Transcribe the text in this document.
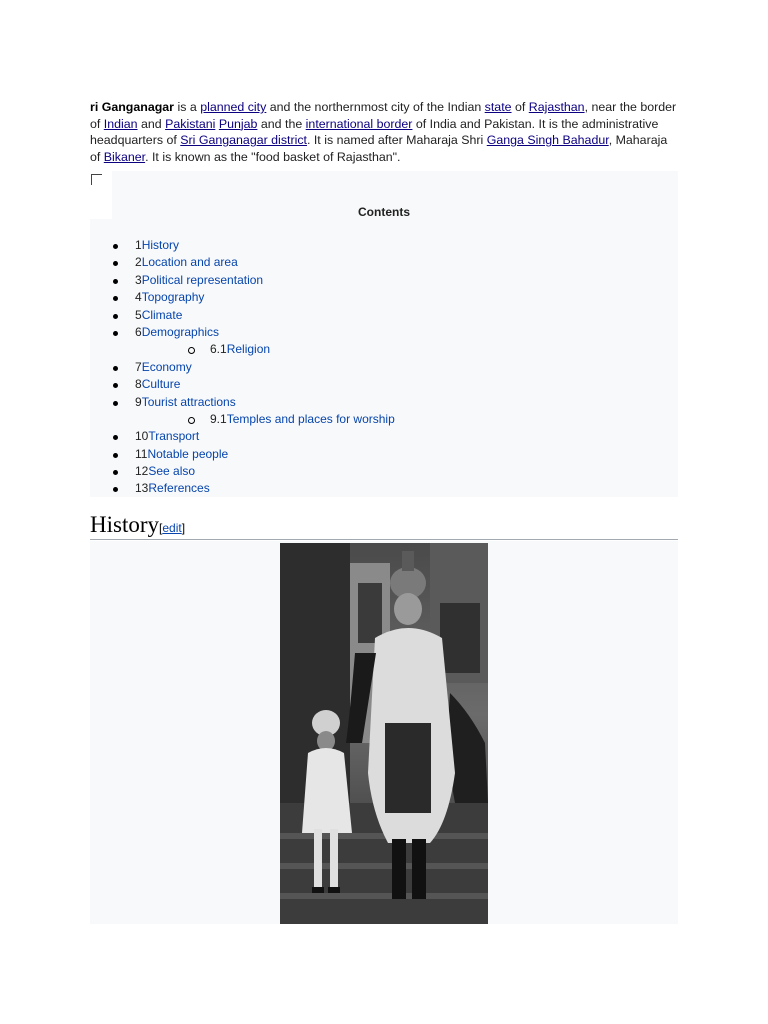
ri Ganganagar is a planned city and the northernmost city of the Indian state of Rajasthan, near the border of Indian and Pakistani Punjab and the international border of India and Pakistan. It is the administrative headquarters of Sri Ganganagar district. It is named after Maharaja Shri Ganga Singh Bahadur, Maharaja of Bikaner. It is known as the "food basket of Rajasthan".

Contents
1History
2Location and area
3Political representation
4Topography
5Climate
6Demographics
6.1Religion
7Economy
8Culture
9Tourist attractions
9.1Temples and places for worship
10Transport
11Notable people
12See also
13References
History[edit]
